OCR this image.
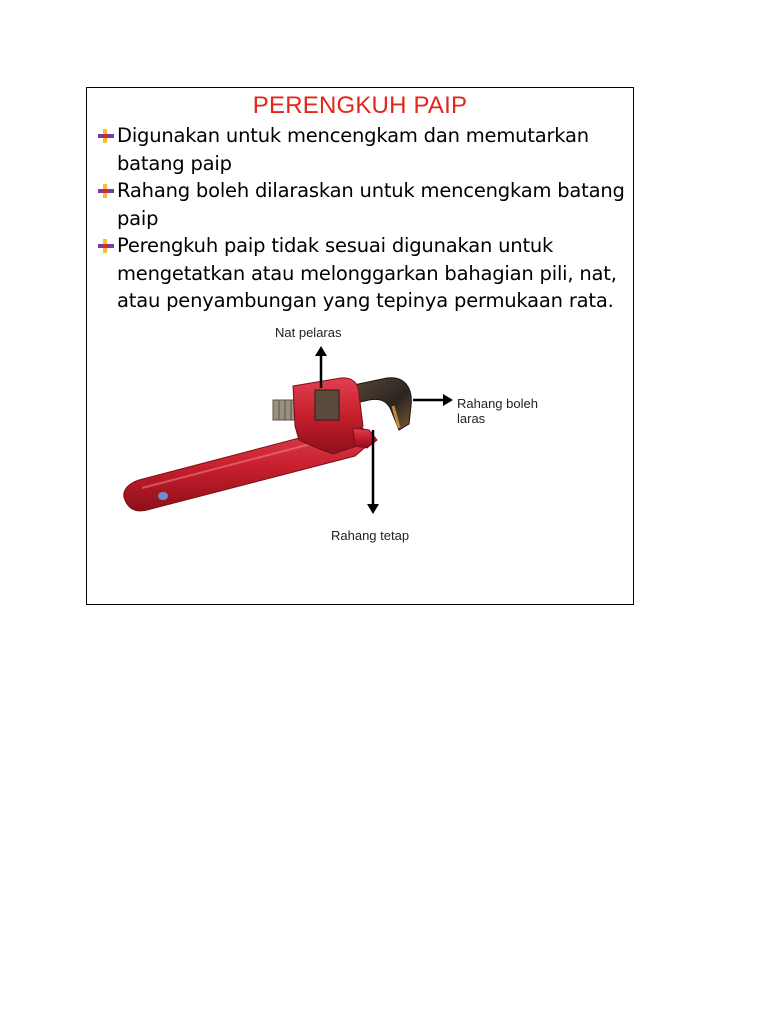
PERENGKUH PAIP
Digunakan untuk mencengkam dan memutarkan batang paip
Rahang boleh dilaraskan untuk mencengkam batang paip
Perengkuh paip tidak sesuai digunakan untuk mengetatkan atau melonggarkan bahagian pili, nat, atau penyambungan yang tepinya permukaan rata.
Nat pelaras
Rahang boleh laras
Rahang tetap
